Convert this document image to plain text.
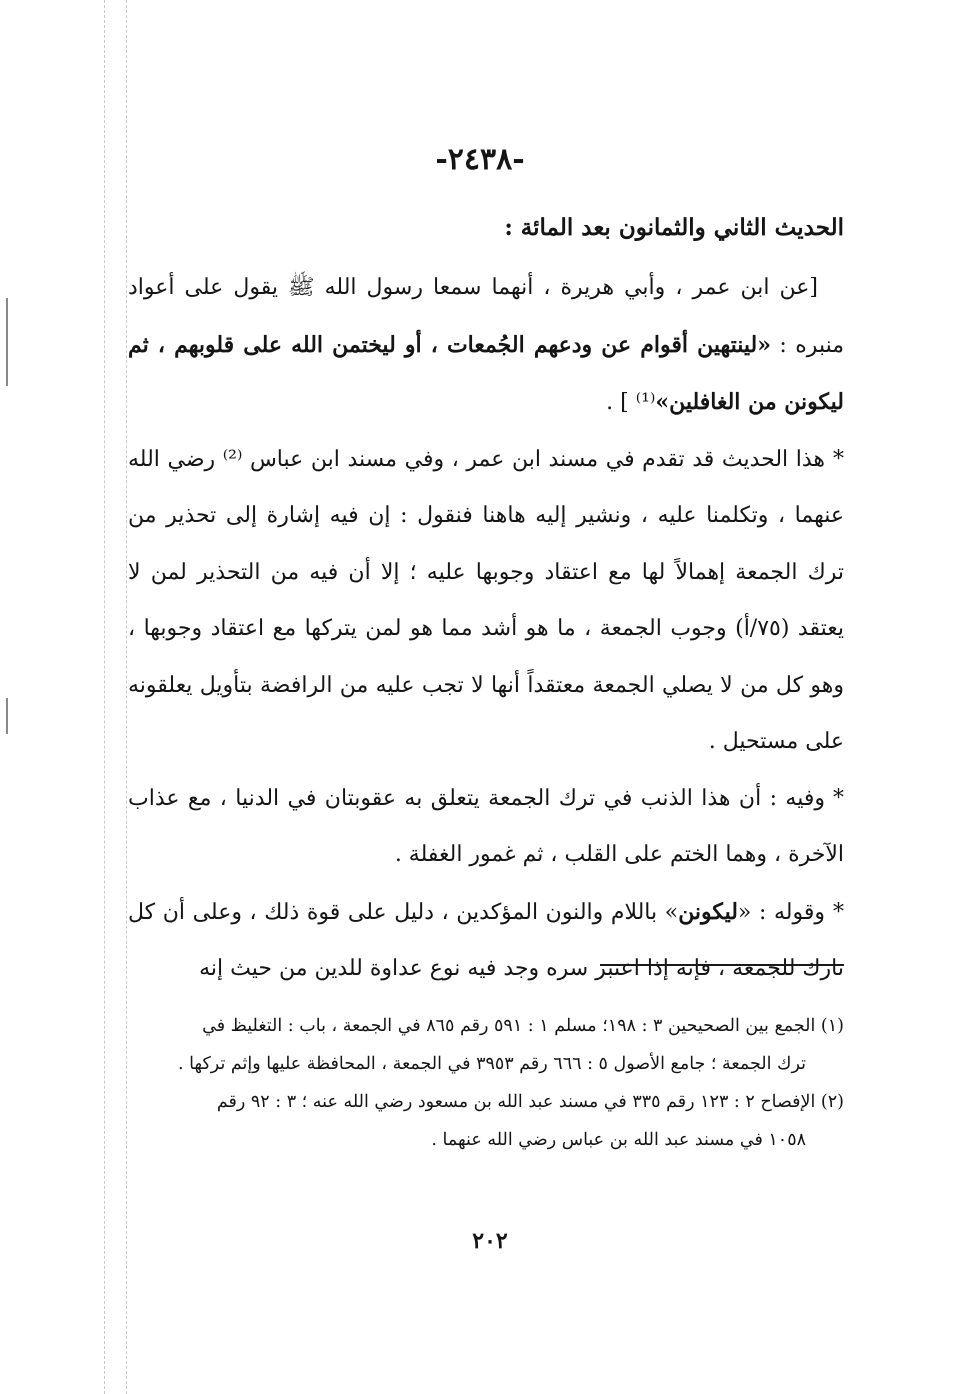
-٢٤٣٨-
الحديث الثاني والثمانون بعد المائة :

[عن ابن عمر ، وأبي هريرة ، أنهما سمعا رسول الله ﷺ يقول على أعواد منبره : «لينتهين أقوام عن ودعهم الجُمعات ، أو ليختمن الله على قلوبهم ، ثم ليكونن من الغافلين»⁽¹⁾ ] .

*هذا الحديث قد تقدم في مسند ابن عمر ، وفي مسند ابن عباس ⁽²⁾ رضي الله عنهما ، وتكلمنا عليه ، ونشير إليه هاهنا فنقول : إن فيه إشارة إلى تحذير من ترك الجمعة إهمالاً لها مع اعتقاد وجوبها عليه ؛ إلا أن فيه من التحذير لمن لا يعتقد (٧٥/أ) وجوب الجمعة ، ما هو أشد مما هو لمن يتركها مع اعتقاد وجوبها ، وهو كل من لا يصلي الجمعة معتقداً أنها لا تجب عليه من الرافضة بتأويل يعلقونه على مستحيل .

*وفيه : أن هذا الذنب في ترك الجمعة يتعلق به عقوبتان في الدنيا ، مع عذاب الآخرة ، وهما الختم على القلب ، ثم غمور الغفلة .

*وقوله : «ليكونن» باللام والنون المؤكدين ، دليل على قوة ذلك ، وعلى أن كل تارك للجمعة ، فإنه إذا اعتبر سره وجد فيه نوع عداوة للدين من حيث إنه

(١) الجمع بين الصحيحين ٣ : ١٩٨؛ مسلم ١ : ٥٩١ رقم ٨٦٥ في الجمعة ، باب : التغليظ في

ترك الجمعة ؛ جامع الأصول ٥ : ٦٦٦ رقم ٣٩٥٣ في الجمعة ، المحافظة عليها وإثم تركها .

(٢) الإفصاح ٢ : ١٢٣ رقم ٣٣٥ في مسند عبد الله بن مسعود رضي الله عنه ؛ ٣ : ٩٢ رقم

١٠٥٨ في مسند عبد الله بن عباس رضي الله عنهما .

٢٠٢
